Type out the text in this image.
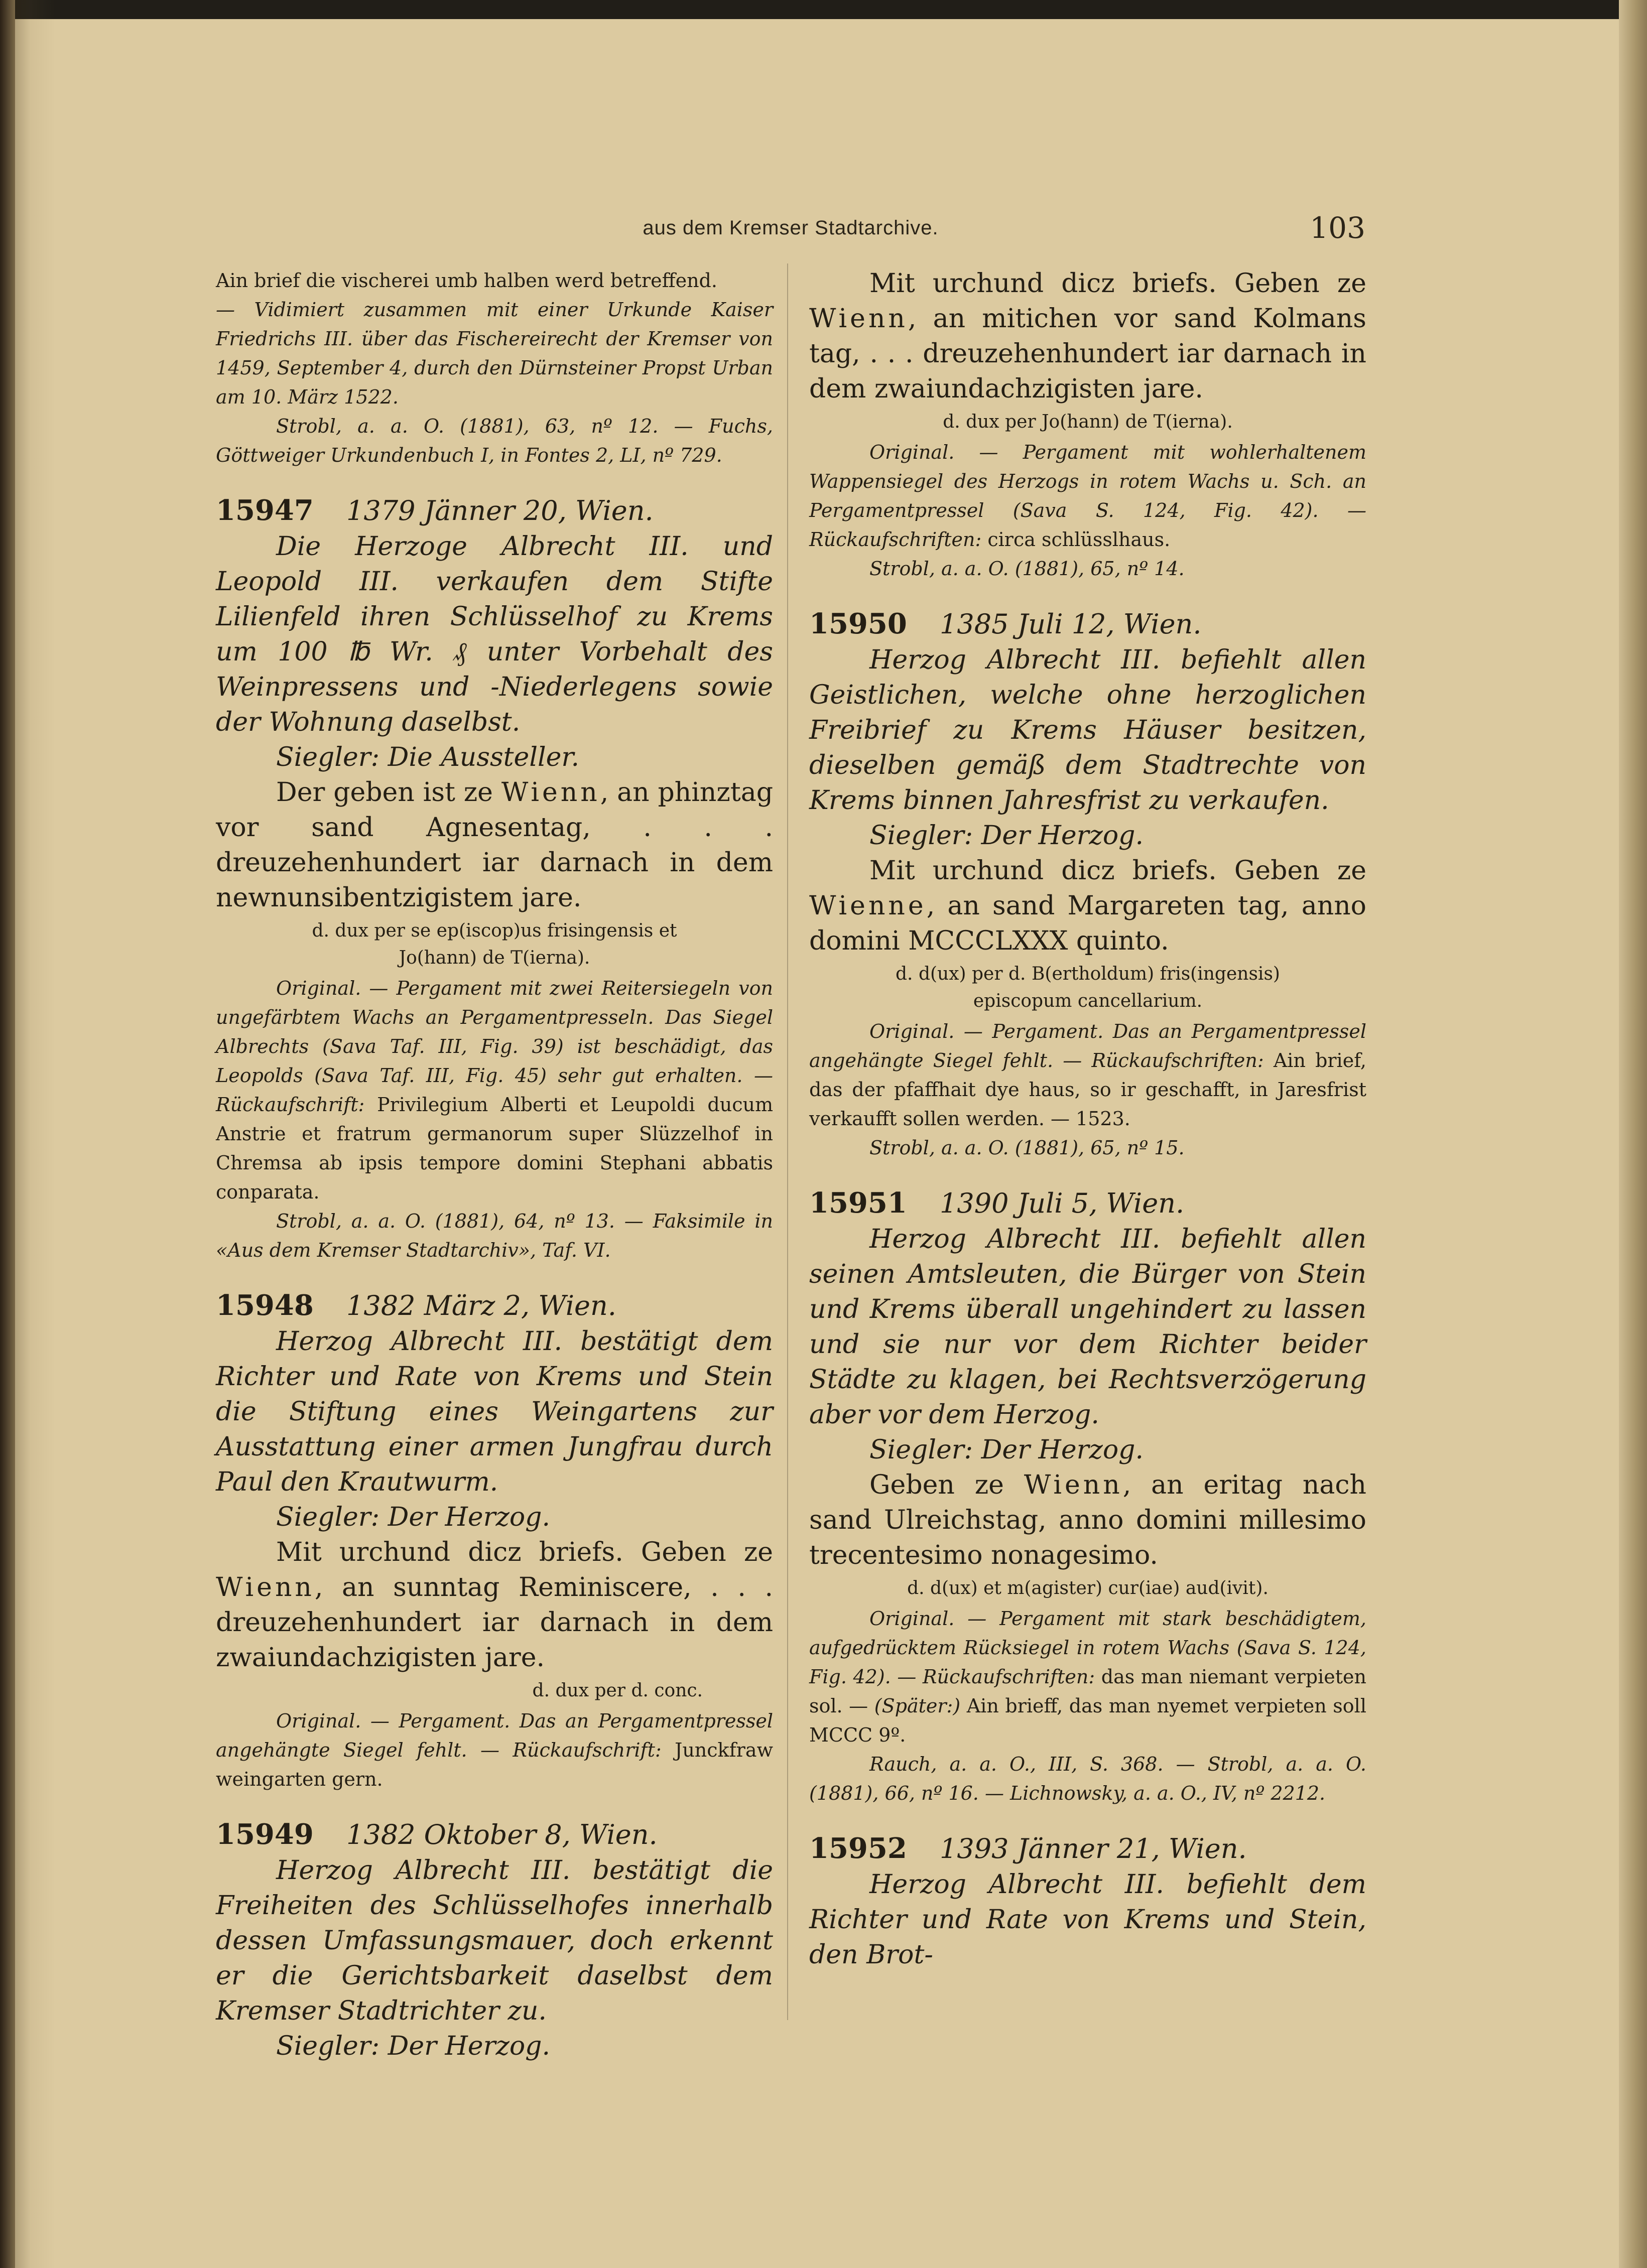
aus dem Kremser Stadtarchive.	103

Ain brief die vischerei umb halben werd betreffend.

— Vidimiert zusammen mit einer Urkunde Kaiser Friedrichs III. über das Fischereirecht der Kremser von 1459, September 4, durch den Dürnsteiner Propst Urban am 10. März 1522.

Strobl, a. a. O. (1881), 63, nº 12. — Fuchs, Göttweiger Urkundenbuch I, in Fontes 2, LI, nº 729.

15947	1379 Jänner 20, Wien.

Die Herzoge Albrecht III. und Leopold III. verkaufen dem Stifte Lilienfeld ihren Schlüsselhof zu Krems um 100 ℔ Wr. ₰ unter Vorbehalt des Weinpressens und -Niederlegens sowie der Wohnung daselbst.

Siegler: Die Aussteller.

Der geben ist ze Wienn, an phinztag vor sand Agnesentag, . . . dreuzehenhundert iar darnach in dem newnunsibentzigistem jare.

d. dux per se ep(iscop)us frisingensis et
Jo(hann) de T(ierna).

Original. — Pergament mit zwei Reitersiegeln von ungefärbtem Wachs an Pergamentpresseln. Das Siegel Albrechts (Sava Taf. III, Fig. 39) ist beschädigt, das Leopolds (Sava Taf. III, Fig. 45) sehr gut erhalten. — Rückaufschrift: Privilegium Alberti et Leupoldi ducum Anstrie et fratrum germanorum super Slüzzelhof in Chremsa ab ipsis tempore domini Stephani abbatis conparata.

Strobl, a. a. O. (1881), 64, nº 13. — Faksimile in «Aus dem Kremser Stadtarchiv», Taf. VI.

15948	1382 März 2, Wien.

Herzog Albrecht III. bestätigt dem Richter und Rate von Krems und Stein die Stiftung eines Weingartens zur Ausstattung einer armen Jungfrau durch Paul den Krautwurm.

Siegler: Der Herzog.

Mit urchund dicz briefs. Geben ze Wienn, an sunntag Reminiscere, . . . dreuzehenhundert iar darnach in dem zwaiundachzigisten jare.

d. dux per d. conc.

Original. — Pergament. Das an Pergamentpressel angehängte Siegel fehlt. — Rückaufschrift: Junckfraw weingarten gern.

15949	1382 Oktober 8, Wien.

Herzog Albrecht III. bestätigt die Freiheiten des Schlüsselhofes innerhalb dessen Umfassungsmauer, doch erkennt er die Gerichtsbarkeit daselbst dem Kremser Stadtrichter zu.

Siegler: Der Herzog.

Mit urchund dicz briefs. Geben ze Wienn, an mitichen vor sand Kolmans tag, . . . dreuzehenhundert iar darnach in dem zwaiundachzigisten jare.

d. dux per Jo(hann) de T(ierna).

Original. — Pergament mit wohlerhaltenem Wappensiegel des Herzogs in rotem Wachs u. Sch. an Pergamentpressel (Sava S. 124, Fig. 42). — Rückaufschriften: circa schlüsslhaus.

Strobl, a. a. O. (1881), 65, nº 14.

15950	1385 Juli 12, Wien.

Herzog Albrecht III. befiehlt allen Geistlichen, welche ohne herzoglichen Freibrief zu Krems Häuser besitzen, dieselben gemäß dem Stadtrechte von Krems binnen Jahresfrist zu verkaufen.

Siegler: Der Herzog.

Mit urchund dicz briefs. Geben ze Wienne, an sand Margareten tag, anno domini MCCCLXXX quinto.

d. d(ux) per d. B(ertholdum) fris(ingensis)
episcopum cancellarium.

Original. — Pergament. Das an Pergamentpressel angehängte Siegel fehlt. — Rückaufschriften: Ain brief, das der pfaffhait dye haus, so ir geschafft, in Jaresfrist verkaufft sollen werden. — 1523.

Strobl, a. a. O. (1881), 65, nº 15.

15951	1390 Juli 5, Wien.

Herzog Albrecht III. befiehlt allen seinen Amtsleuten, die Bürger von Stein und Krems überall ungehindert zu lassen und sie nur vor dem Richter beider Städte zu klagen, bei Rechtsverzögerung aber vor dem Herzog.

Siegler: Der Herzog.

Geben ze Wienn, an eritag nach sand Ulreichstag, anno domini millesimo trecentesimo nonagesimo.

d. d(ux) et m(agister) cur(iae) aud(ivit).

Original. — Pergament mit stark beschädigtem, aufgedrücktem Rücksiegel in rotem Wachs (Sava S. 124, Fig. 42). — Rückaufschriften: das man niemant verpieten sol. — (Später:) Ain brieff, das man nyemet verpieten soll MCCC 9º.

Rauch, a. a. O., III, S. 368. — Strobl, a. a. O. (1881), 66, nº 16. — Lichnowsky, a. a. O., IV, nº 2212.

15952	1393 Jänner 21, Wien.

Herzog Albrecht III. befiehlt dem Richter und Rate von Krems und Stein, den Brot-
